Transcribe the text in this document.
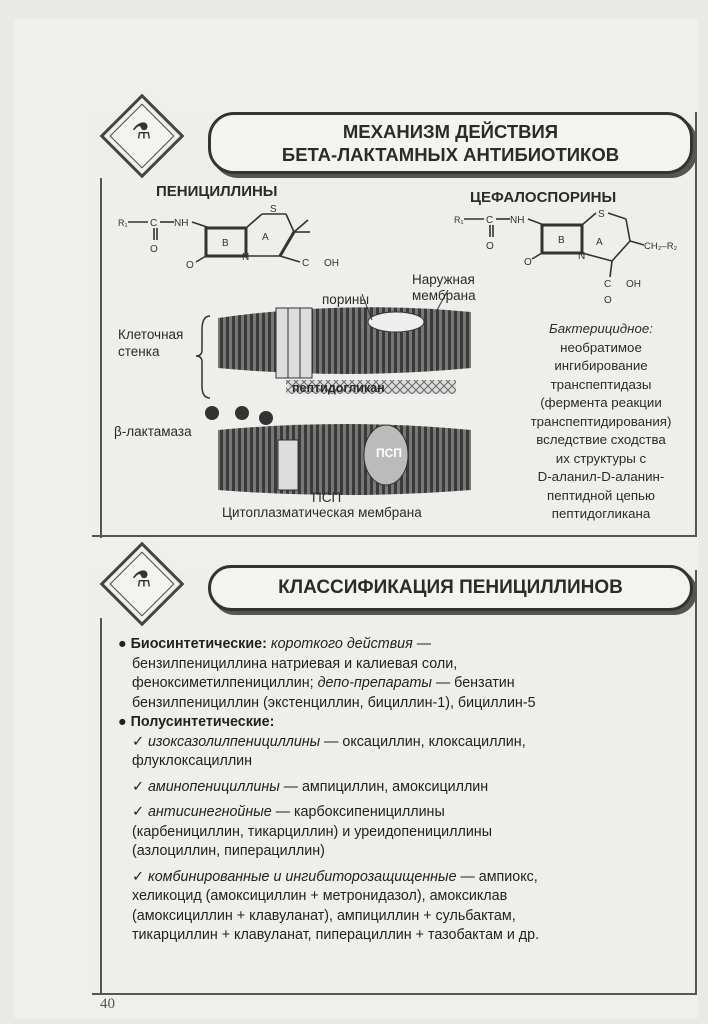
⚗	МЕХАНИЗМ ДЕЙСТВИЯ
БЕТА-ЛАКТАМНЫХ АНТИБИОТИКОВ
ПЕНИЦИЛЛИНЫ	ЦЕФАЛОСПОРИНЫ
R₁ C
O
NH
B
A
S
N
O	C OH
R₁ C
O
NH
B	A
S
N
O
CH₂–R₂
C OH
O
Наружная
мембрана
порины
Клеточная
стенка
пептидогликан
β-лактамаза
ПСП
ПСП
Цитоплазматическая мембрана
Бактерицидное:
необратимое
ингибирование
транспептидазы
(фермента реакции
транспептидирования)
вследствие сходства
их структуры с
D-аланил-D-аланин-
пептидной цепью
пептидогликана
⚗	КЛАССИФИКАЦИЯ ПЕНИЦИЛЛИНОВ
● Биосинтетические: короткого действия —
бензилпенициллина натриевая и калиевая соли,
феноксиметилпенициллин; депо-препараты — бензатин
бензилпенициллин (экстенциллин, бициллин-1), бициллин-5
● Полусинтетические:
✓ изоксазолилпенициллины — оксациллин, клоксациллин,
флуклоксациллин
✓ аминопенициллины — ампициллин, амоксициллин
✓ антисинегнойные — карбоксипенициллины
(карбенициллин, тикарциллин) и уреидопенициллины
(азлоциллин, пиперациллин)
✓ комбинированные и ингибиторозащищенные — ампиокс,
хеликоцид (амоксициллин + метронидазол), амоксиклав
(амоксициллин + клавуланат), ампициллин + сульбактам,
тикарциллин + клавуланат, пиперациллин + тазобактам и др.
40
